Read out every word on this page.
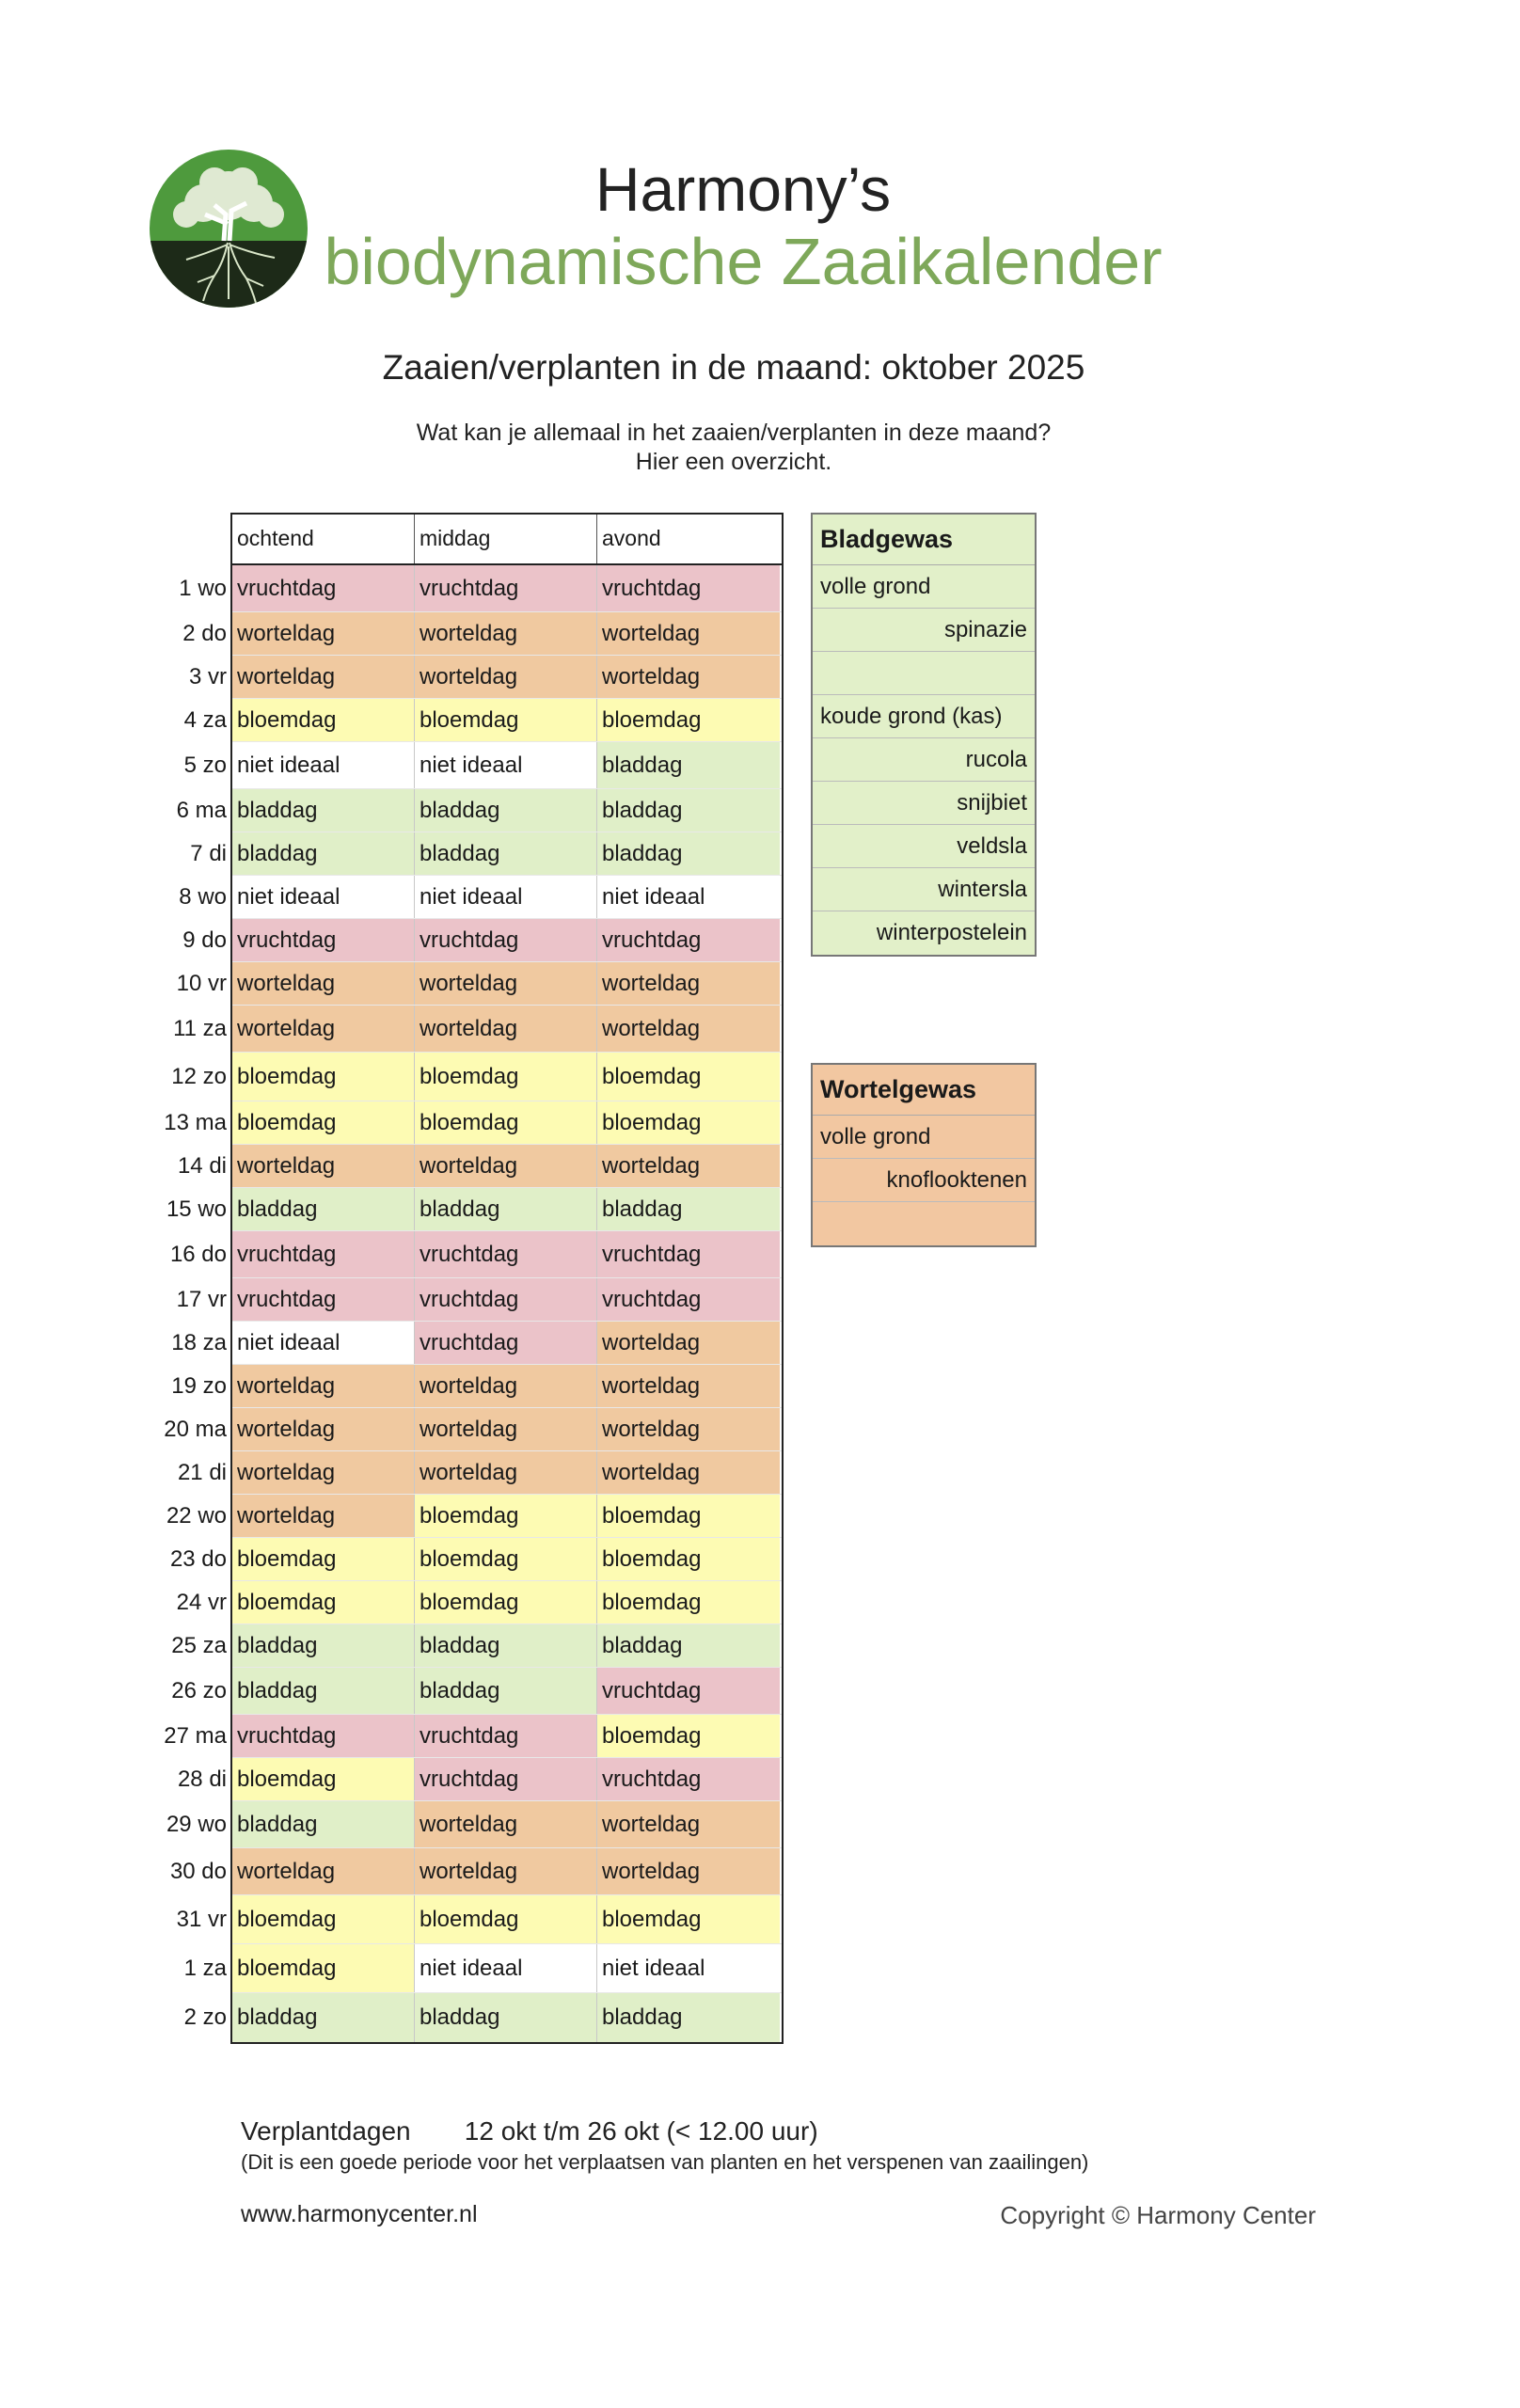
Harmony’s
biodynamische Zaaikalender
Zaaien/verplanten in de maand: oktober 2025
Wat kan je allemaal in het zaaien/verplanten in deze maand?
Hier een overzicht.
ochtend	middag	avond
1 wo vruchtdag	vruchtdag	vruchtdag
2 do worteldag	worteldag	worteldag
3 vr worteldag	worteldag	worteldag
4 za bloemdag	bloemdag	bloemdag
5 zo niet ideaal	niet ideaal	bladdag
6 ma bladdag	bladdag	bladdag
7 di bladdag	bladdag	bladdag
8 wo niet ideaal	niet ideaal	niet ideaal
9 do vruchtdag	vruchtdag	vruchtdag
10 vr worteldag	worteldag	worteldag
11 za worteldag	worteldag	worteldag
12 zo bloemdag	bloemdag	bloemdag
13 ma bloemdag	bloemdag	bloemdag
14 di worteldag	worteldag	worteldag
15 wo bladdag	bladdag	bladdag
16 do vruchtdag	vruchtdag	vruchtdag
17 vr vruchtdag	vruchtdag	vruchtdag
18 za niet ideaal	vruchtdag	worteldag
19 zo worteldag	worteldag	worteldag
20 ma worteldag	worteldag	worteldag
21 di worteldag	worteldag	worteldag
22 wo worteldag	bloemdag	bloemdag
23 do bloemdag	bloemdag	bloemdag
24 vr bloemdag	bloemdag	bloemdag
25 za bladdag	bladdag	bladdag
26 zo bladdag	bladdag	vruchtdag
27 ma vruchtdag	vruchtdag	bloemdag
28 di bloemdag	vruchtdag	vruchtdag
29 wo bladdag	worteldag	worteldag
30 do worteldag	worteldag	worteldag
31 vr bloemdag	bloemdag	bloemdag
1 za bloemdag	niet ideaal	niet ideaal
2 zo bladdag	bladdag	bladdag
Bladgewas
volle grond
spinazie
koude grond (kas)
rucola
snijbiet
veldsla
wintersla
winterpostelein
Wortelgewas
volle grond
knoflooktenen
Verplantdagen 12 okt t/m 26 okt (< 12.00 uur)
(Dit is een goede periode voor het verplaatsen van planten en het verspenen van zaailingen)
www.harmonycenter.nl	Copyright © Harmony Center
